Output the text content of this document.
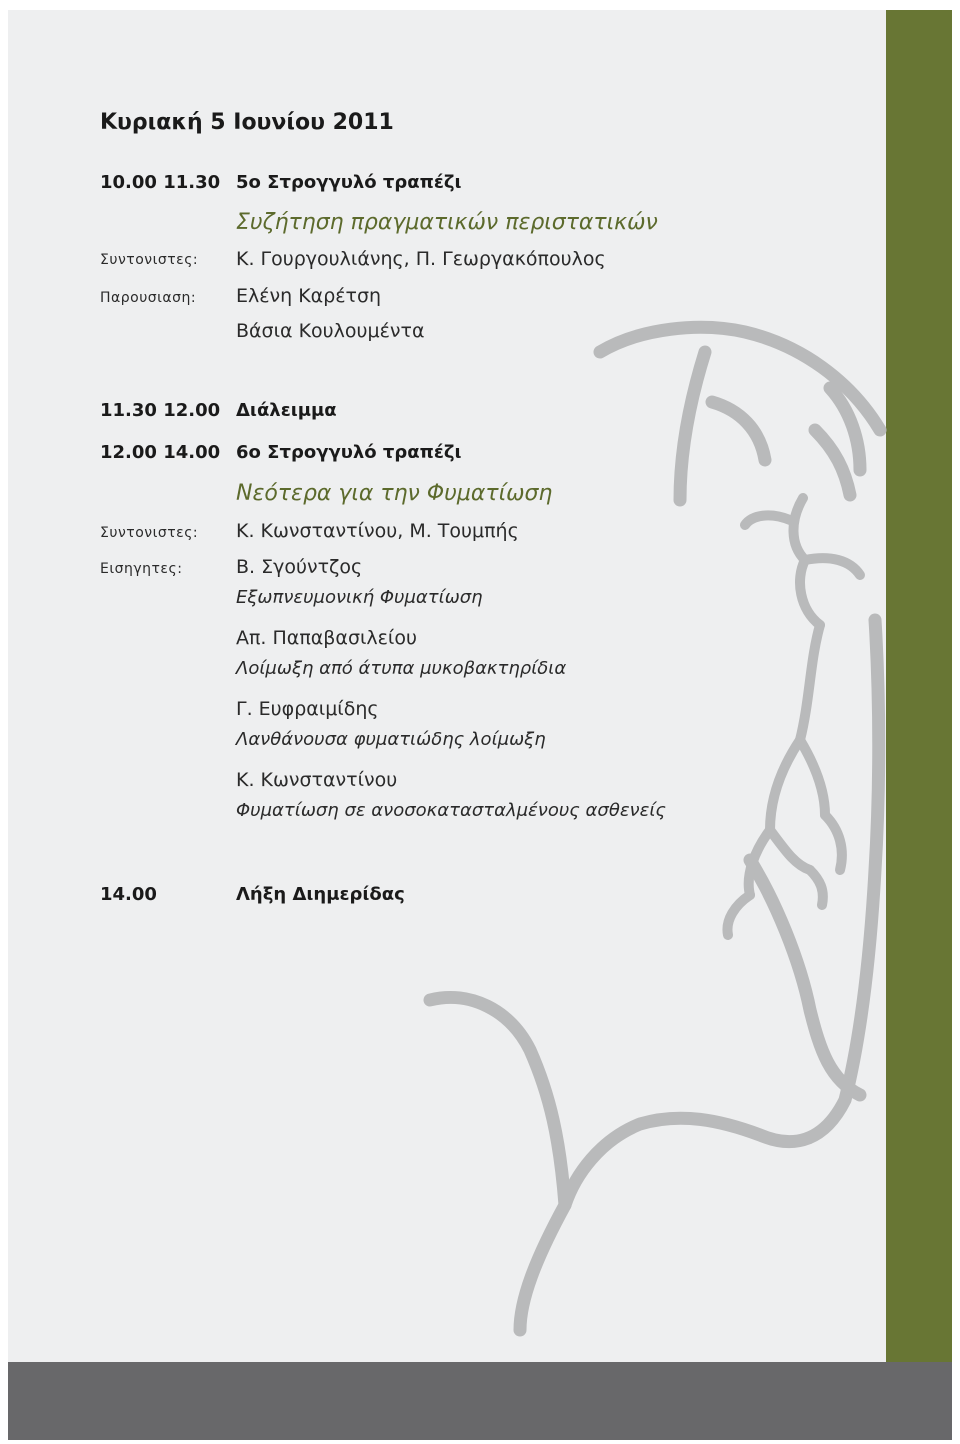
Κυριακή 5 Ιουνίου 2011
10.00 11.30 5ο Στρογγυλό τραπέζι
Συζήτηση πραγματικών περιστατικών
Συντονιστες: Κ. Γουργουλιάνης, Π. Γεωργακόπουλος
Παρουσιαση: Ελένη Καρέτση
Βάσια Κουλουμέντα
11.30 12.00 Διάλειμμα
12.00 14.00 6ο Στρογγυλό τραπέζι
Νεότερα για την Φυματίωση
Συντονιστες: Κ. Κωνσταντίνου, Μ. Τουμπής
Εισηγητες:	Β. Σγούντζος
Εξωπνευμονική Φυματίωση
Απ. Παπαβασιλείου
Λοίμωξη από άτυπα μυκοβακτηρίδια
Γ. Ευφραιμίδης
Λανθάνουσα φυματιώδης λοίμωξη
Κ. Κωνσταντίνου
Φυματίωση σε ανοσοκατασταλμένους ασθενείς
14.00	Λήξη Διημερίδας
